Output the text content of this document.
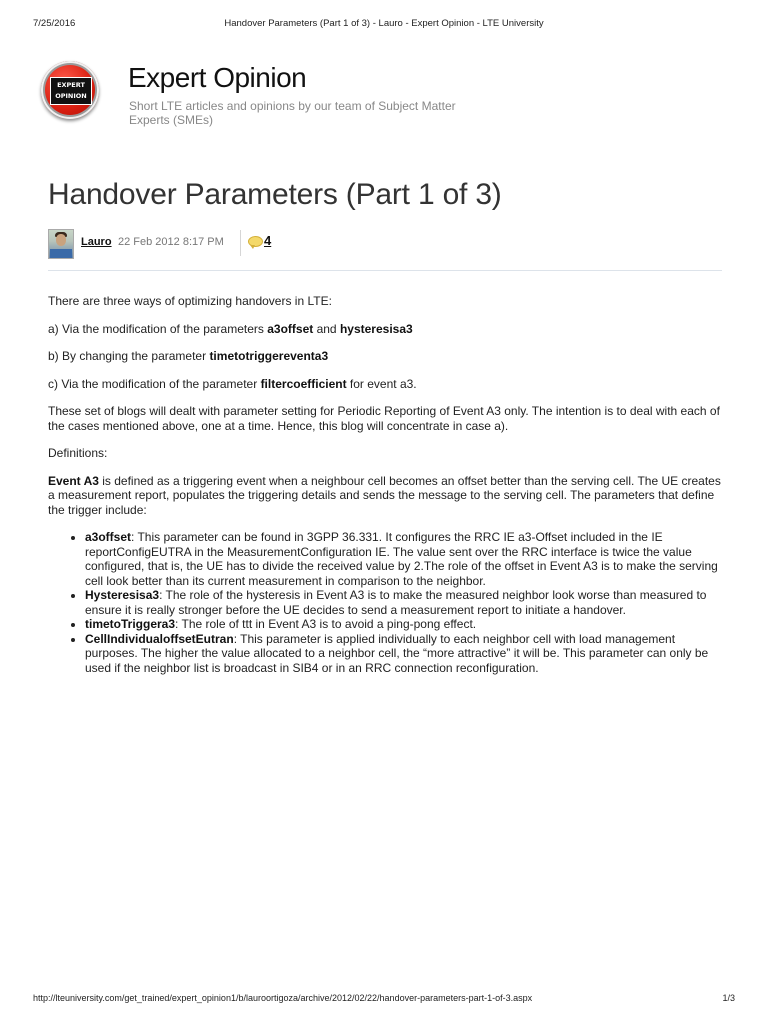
7/25/2016	Handover Parameters (Part 1 of 3) - Lauro - Expert Opinion - LTE University
EXPERT
OPINION
Expert Opinion

Short LTE articles and opinions by our team of Subject Matter Experts (SMEs)

Handover Parameters (Part 1 of 3)
Lauro 22 Feb 2012 8:17 PM	4

There are three ways of optimizing handovers in LTE:

a) Via the modification of the parameters a3offset and hysteresisa3

b) By changing the parameter timetotriggereventa3

c) Via the modification of the parameter filtercoefficient for event a3.

These set of blogs will dealt with parameter setting for Periodic Reporting of Event A3 only. The intention is to deal with each of the cases mentioned above, one at a time. Hence, this blog will concentrate in case a).

Definitions:

Event A3 is defined as a triggering event when a neighbour cell becomes an offset better than the serving cell. The UE creates a measurement report, populates the triggering details and sends the message to the serving cell. The parameters that define the trigger include:

• a3offset: This parameter can be found in 3GPP 36.331. It configures the RRC IE a3-Offset included in the IE reportConfigEUTRA in the MeasurementConfiguration IE. The value sent over the RRC interface is twice the value configured, that is, the UE has to divide the received value by 2.The role of the offset in Event A3 is to make the serving cell look better than its current measurement in comparison to the neighbor.
• Hysteresisa3: The role of the hysteresis in Event A3 is to make the measured neighbor look worse than measured to ensure it is really stronger before the UE decides to send a measurement report to initiate a handover.
• timetoTriggera3: The role of ttt in Event A3 is to avoid a ping-pong effect.
• CellIndividualoffsetEutran: This parameter is applied individually to each neighbor cell with load management purposes. The higher the value allocated to a neighbor cell, the “more attractive” it will be. This parameter can only be used if the neighbor list is broadcast in SIB4 or in an RRC connection reconfiguration.
http://lteuniversity.com/get_trained/expert_opinion1/b/lauroortigoza/archive/2012/02/22/handover-parameters-part-1-of-3.aspx	1/3
